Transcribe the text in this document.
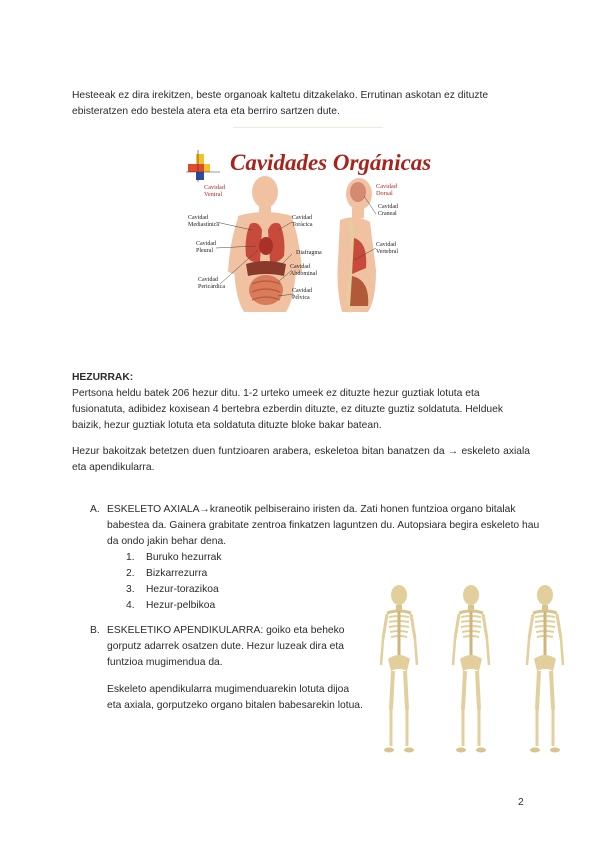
Hesteeak ez dira irekitzen, beste organoak kaltetu ditzakelako. Errutinan askotan ez dituzte ebisteratzen edo bestela atera eta eta berriro sartzen dute.

Cavidades Orgánicas
Cavidad
Ventral
Cavidad
Dorsal
Cavidad
Craneal
Cavidad
Mediastínica
Cavidad
Torácica
Cavidad
Pleural	Diafragma
Cavidad
Vertebral
Cavidad
Abdominal
Cavidad
Pericárdica
Cavidad
Pélvica

HEZURRAK:

Pertsona heldu batek 206 hezur ditu. 1-2 urteko umeek ez dituzte hezur guztiak lotuta eta fusionatuta, adibidez koxisean 4 bertebra ezberdin dituzte, ez dituzte guztiz soldatuta. Helduek baizik, hezur guztiak lotuta eta soldatuta dituzte bloke bakar batean.

Hezur bakoitzak betetzen duen funtzioaren arabera, eskeletoa bitan banatzen da → eskeleto axiala eta apendikularra.

A. ESKELETO AXIALA→kraneotik pelbiseraino iristen da. Zati honen funtzioa organo bitalak babestea da. Gainera grabitate zentroa finkatzen laguntzen du. Autopsiara begira eskeleto hau da ondo jakin behar dena.

1. Buruko hezurrak
2. Bizkarrezurra
3. Hezur-torazikoa
4. Hezur-pelbikoa
B. ESKELETIKO APENDIKULARRA: goiko eta beheko gorputz adarrek osatzen dute. Hezur luzeak dira eta funtzioa mugimendua da.

Eskeleto apendikularra mugimenduarekin lotuta dijoa eta axiala, gorputzeko organo bitalen babesarekin lotua.

2
